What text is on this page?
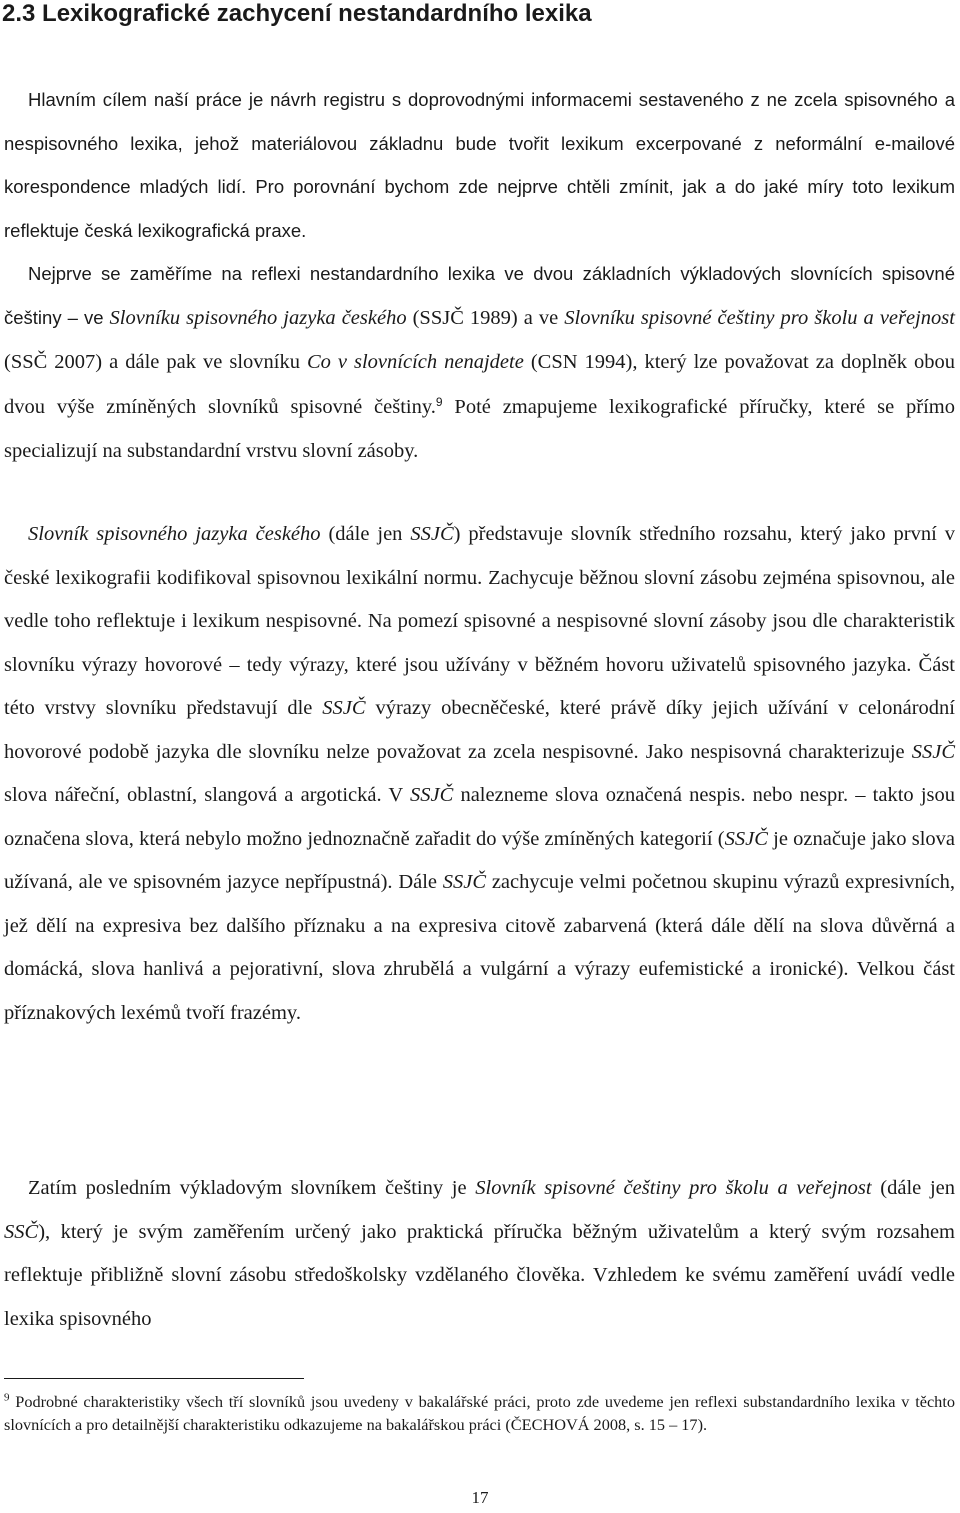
2.3 Lexikografické zachycení nestandardního lexika

Hlavním cílem naší práce je návrh registru s doprovodnými informacemi sestaveného z ne zcela spisovného a nespisovného lexika, jehož materiálovou základnu bude tvořit lexikum excerpované z neformální e-mailové korespondence mladých lidí. Pro porovnání bychom zde nejprve chtěli zmínit, jak a do jaké míry toto lexikum reflektuje česká lexikografická praxe.

Nejprve se zaměříme na reflexi nestandardního lexika ve dvou základních výkladových slovnících spisovné češtiny – ve Slovníku spisovného jazyka českého (SSJČ 1989) a ve Slovníku spisovné češtiny pro školu a veřejnost (SSČ 2007) a dále pak ve slovníku Co v slovnících nenajdete (CSN 1994), který lze považovat za doplněk obou dvou výše zmíněných slovníků spisovné češtiny.$^9$ Poté zmapujeme lexikografické příručky, které se přímo specializují na substandardní vrstvu slovní zásoby.

Slovník spisovného jazyka českého (dále jen SSJČ) představuje slovník středního rozsahu, který jako první v české lexikografii kodifikoval spisovnou lexikální normu. Zachycuje běžnou slovní zásobu zejména spisovnou, ale vedle toho reflektuje i lexikum nespisovné. Na pomezí spisovné a nespisovné slovní zásoby jsou dle charakteristik slovníku výrazy hovorové – tedy výrazy, které jsou užívány v běžném hovoru uživatelů spisovného jazyka. Část této vrstvy slovníku představují dle SSJČ výrazy obecněčeské, které právě díky jejich užívání v celonárodní hovorové podobě jazyka dle slovníku nelze považovat za zcela nespisovné. Jako nespisovná charakterizuje SSJČ slova nářeční, oblastní, slangová a argotická. V SSJČ nalezneme slova označená nespis. nebo nespr. – takto jsou označena slova, která nebylo možno jednoznačně zařadit do výše zmíněných kategorií (SSJČ je označuje jako slova užívaná, ale ve spisovném jazyce nepřípustná). Dále SSJČ zachycuje velmi početnou skupinu výrazů expresivních, jež dělí na expresiva bez dalšího příznaku a na expresiva citově zabarvená (která dále dělí na slova důvěrná a domácká, slova hanlivá a pejorativní, slova zhrubělá a vulgární a výrazy eufemistické a ironické). Velkou část příznakových lexémů tvoří frazémy.

Zatím posledním výkladovým slovníkem češtiny je Slovník spisovné češtiny pro školu a veřejnost (dále jen SSČ), který je svým zaměřením určený jako praktická příručka běžným uživatelům a který svým rozsahem reflektuje přibližně slovní zásobu středoškolsky vzdělaného člověka. Vzhledem ke svému zaměření uvádí vedle lexika spisovného

$^9$ Podrobné charakteristiky všech tří slovníků jsou uvedeny v bakalářské práci, proto zde uvedeme jen reflexi substandardního lexika v těchto slovnících a pro detailnější charakteristiku odkazujeme na bakalářskou práci (ČECHOVÁ 2008, s. 15 – 17).

17
